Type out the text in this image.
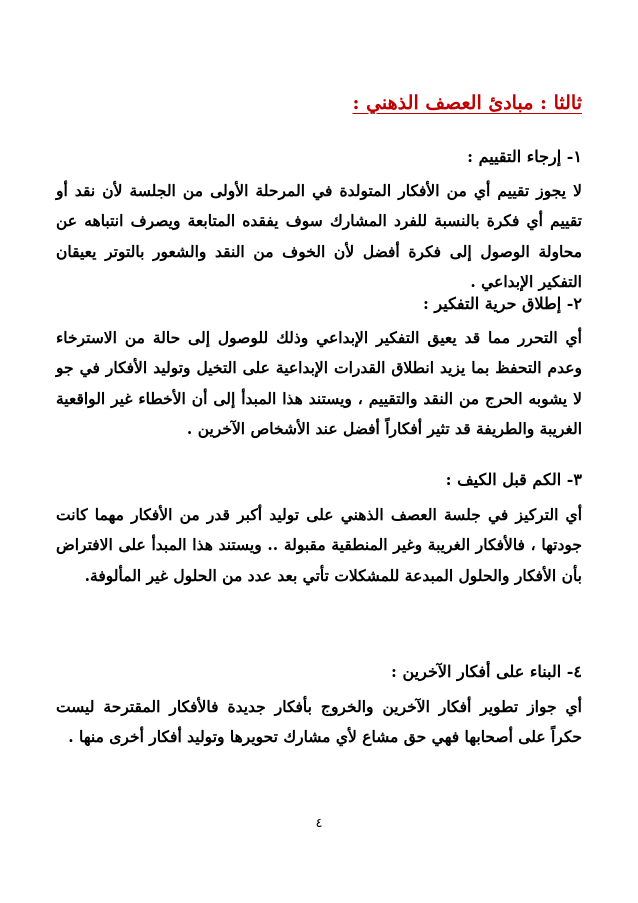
ثالثا : مبادئ العصف الذهني :
١- إرجاء التقييم :

لا يجوز تقييم أي من الأفكار المتولدة في المرحلة الأولى من الجلسة لأن نقد أو تقييم أي فكرة بالنسبة للفرد المشارك سوف يفقده المتابعة ويصرف انتباهه عن محاولة الوصول إلى فكرة أفضل لأن الخوف من النقد والشعور بالتوتر يعيقان التفكير الإبداعي .

٢- إطلاق حرية التفكير :

أي التحرر مما قد يعيق التفكير الإبداعي وذلك للوصول إلى حالة من الاسترخاء وعدم التحفظ بما يزيد انطلاق القدرات الإبداعية على التخيل وتوليد الأفكار في جو لا يشوبه الحرج من النقد والتقييم ، ويستند هذا المبدأ إلى أن الأخطاء غير الواقعية الغريبة والطريفة قد تثير أفكاراً أفضل عند الأشخاص الآخرين .

٣- الكم قبل الكيف :

أي التركيز في جلسة العصف الذهني على توليد أكبر قدر من الأفكار مهما كانت جودتها ، فالأفكار الغريبة وغير المنطقية مقبولة .. ويستند هذا المبدأ على الافتراض بأن الأفكار والحلول المبدعة للمشكلات تأتي بعد عدد من الحلول غير المألوفة.

٤- البناء على أفكار الآخرين :

أي جواز تطوير أفكار الآخرين والخروج بأفكار جديدة فالأفكار المقترحة ليست حكراً على أصحابها فهي حق مشاع لأي مشارك تحويرها وتوليد أفكار أخرى منها .

٤
